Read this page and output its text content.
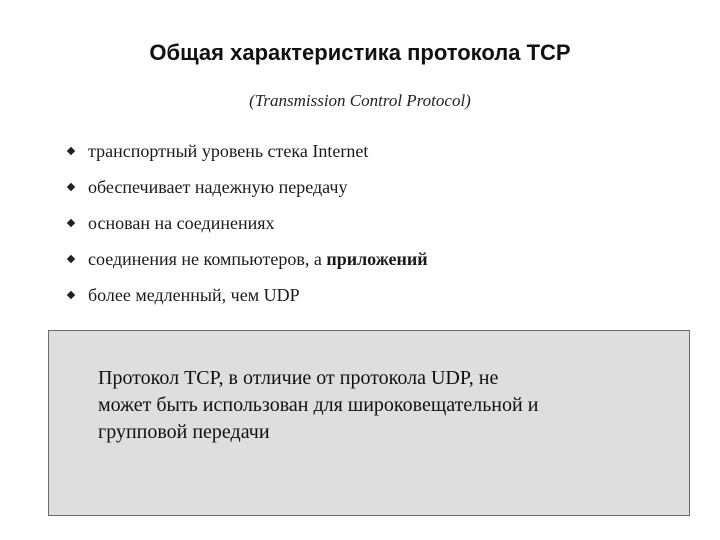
Общая характеристика протокола TCP

(Transmission Control Protocol)

транспортный уровень стека Internet
обеспечивает надежную передачу
основан на соединениях
соединения не компьютеров, а приложений
более медленный, чем UDP

Протокол TCP, в отличие от протокола UDP, не
может быть использован для широковещательной и
групповой передачи
